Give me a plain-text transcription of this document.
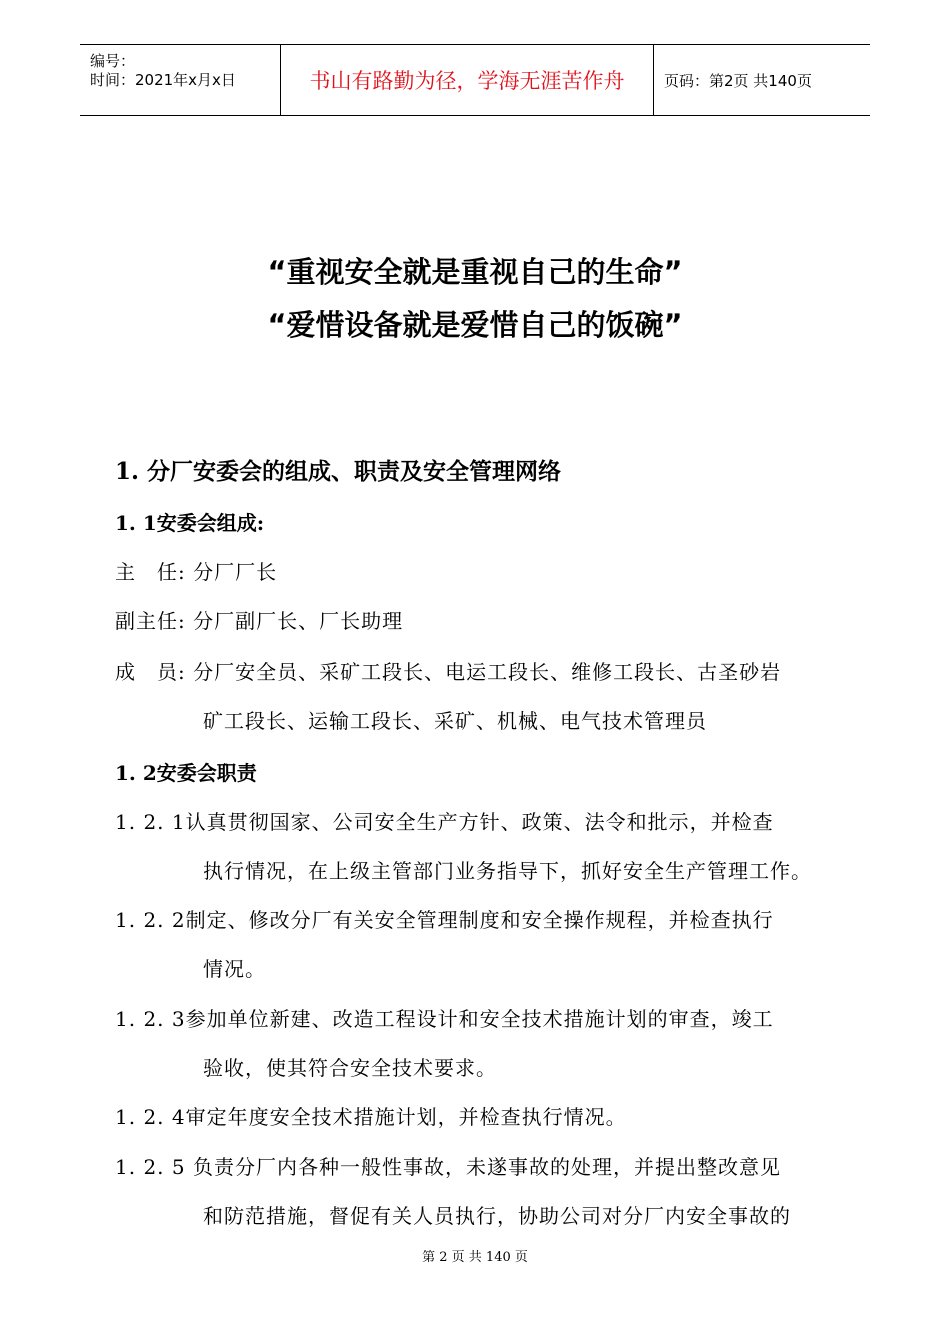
编号：
时间：2021年x月x日	书山有路勤为径，学海无涯苦作舟	页码：第2页 共140页
“重视安全就是重视自己的生命”
“爱惜设备就是爱惜自己的饭碗”
1. 分厂安委会的组成、职责及安全管理网络
1. 1安委会组成:
主　任: 分厂厂长
副主任: 分厂副厂长、厂长助理
成　员: 分厂安全员、采矿工段长、电运工段长、维修工段长、古圣砂岩
矿工段长、运输工段长、采矿、机械、电气技术管理员
1. 2安委会职责
1. 2. 1认真贯彻国家、公司安全生产方针、政策、法令和批示，并检查
执行情况，在上级主管部门业务指导下，抓好安全生产管理工作。
1. 2. 2制定、修改分厂有关安全管理制度和安全操作规程，并检查执行
情况。
1. 2. 3参加单位新建、改造工程设计和安全技术措施计划的审查，竣工
验收，使其符合安全技术要求。
1. 2. 4审定年度安全技术措施计划，并检查执行情况。
1. 2. 5 负责分厂内各种一般性事故，未遂事故的处理，并提出整改意见
和防范措施，督促有关人员执行，协助公司对分厂内安全事故的
第 2 页 共 140 页
